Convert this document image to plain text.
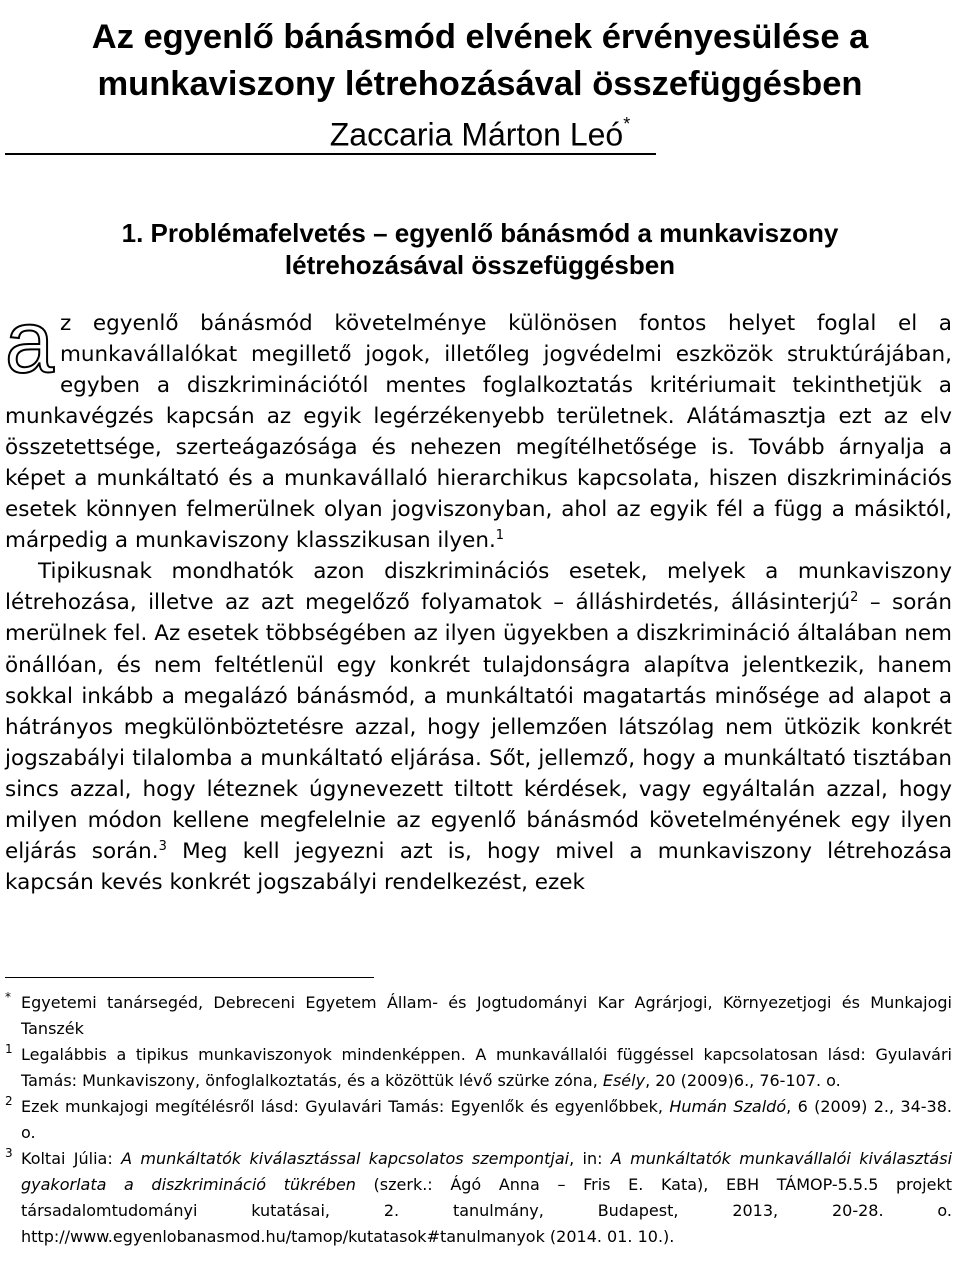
Az egyenlő bánásmód elvének érvényesülése a
munkaviszony létrehozásával összefüggésben
Zaccaria Márton Leó*
1. Problémafelvetés – egyenlő bánásmód a munkaviszony
létrehozásával összefüggésben

az egyenlő bánásmód követelménye különösen fontos helyet foglal el a munkavállalókat megillető jogok, illetőleg jogvédelmi eszközök struktúrájában, egyben a diszkriminációtól mentes foglalkoztatás kritériumait tekinthetjük a munkavégzés kapcsán az egyik legérzékenyebb területnek. Alátámasztja ezt az elv összetettsége, szerteágazósága és nehezen megítélhetősége is. Tovább árnyalja a képet a munkáltató és a munkavállaló hierarchikus kapcsolata, hiszen diszkriminációs esetek könnyen felmerülnek olyan jogviszonyban, ahol az egyik fél a függ a másiktól, márpedig a munkaviszony klasszikusan ilyen.$^1$

Tipikusnak mondhatók azon diszkriminációs esetek, melyek a munkaviszony létrehozása, illetve az azt megelőző folyamatok – álláshirdetés, állásinterjú$^2$ – során merülnek fel. Az esetek többségében az ilyen ügyekben a diszkrimináció általában nem önállóan, és nem feltétlenül egy konkrét tulajdonságra alapítva jelentkezik, hanem sokkal inkább a megalázó bánásmód, a munkáltatói magatartás minősége ad alapot a hátrányos megkülönböztetésre azzal, hogy jellemzően látszólag nem ütközik konkrét jogszabályi tilalomba a munkáltató eljárása. Sőt, jellemző, hogy a munkáltató tisztában sincs azzal, hogy léteznek úgynevezett tiltott kérdések, vagy egyáltalán azzal, hogy milyen módon kellene megfelelnie az egyenlő bánásmód követelményének egy ilyen eljárás során.$^3$ Meg kell jegyezni azt is, hogy mivel a munkaviszony létrehozása kapcsán kevés konkrét jogszabályi rendelkezést, ezek

* Egyetemi tanársegéd, Debreceni Egyetem Állam- és Jogtudományi Kar Agrárjogi, Környezetjogi és Munkajogi Tanszék
1 Legalábbis a tipikus munkaviszonyok mindenképpen. A munkavállalói függéssel kapcsolatosan lásd: Gyulavári Tamás: Munkaviszony, önfoglalkoztatás, és a közöttük lévő szürke zóna, Esély, 20 (2009)6., 76-107. o.
2 Ezek munkajogi megítélésről lásd: Gyulavári Tamás: Egyenlők és egyenlőbbek, Humán Szaldó, 6 (2009) 2., 34-38. o.
3 Koltai Júlia: A munkáltatók kiválasztással kapcsolatos szempontjai, in: A munkáltatók munkavállalói kiválasztási gyakorlata a diszkrimináció tükrében (szerk.: Ágó Anna – Fris E. Kata), EBH TÁMOP-5.5.5 projekt társadalomtudományi kutatásai, 2. tanulmány, Budapest, 2013, 20-28. o. http://www.egyenlobanasmod.hu/tamop/kutatasok#tanulmanyok (2014. 01. 10.).
